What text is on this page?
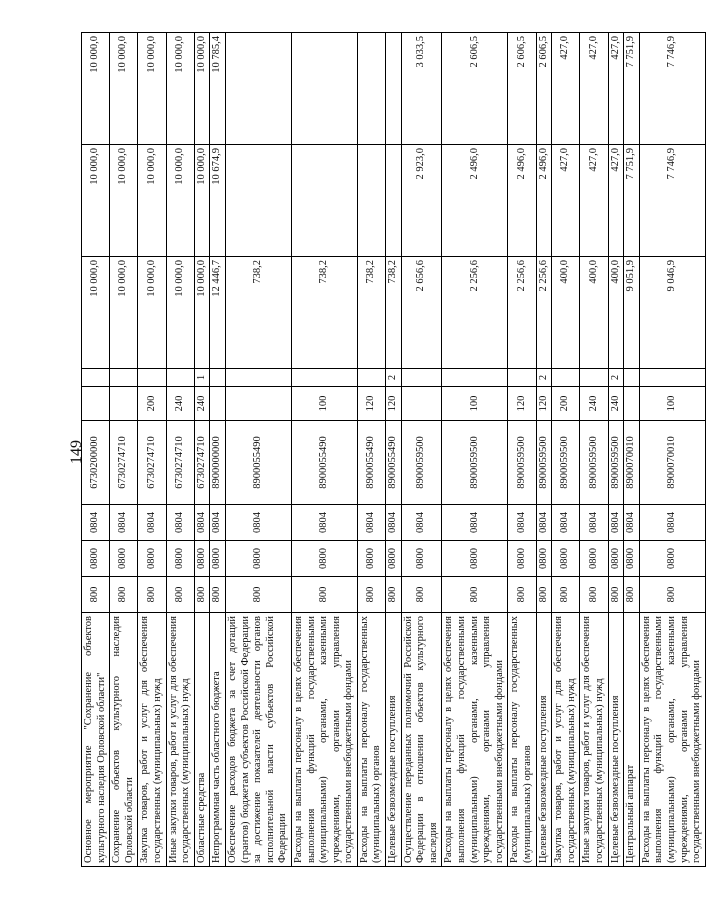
149
Основное мероприятие "Сохранение объектов культурного наследия Орловской области"	800	0800	0804	6730200000			10 000,0	10 000,0	10 000,0
Сохранение объектов культурного наследия Орловской области	800	0800	0804	6730274710			10 000,0	10 000,0	10 000,0
Закупка товаров, работ и услуг для обеспечения государственных (муниципальных) нужд	800	0800	0804	6730274710	200		10 000,0	10 000,0	10 000,0
Иные закупки товаров, работ и услуг для обеспечения государственных (муниципальных) нужд	800	0800	0804	6730274710	240		10 000,0	10 000,0	10 000,0
Областные средства	800	0800	0804	6730274710	240	1	10 000,0	10 000,0	10 000,0
Непрограммная часть областного бюджета	800	0800	0804	8900000000			12 446,7	10 674,9	10 785,4
Обеспечение расходов бюджета за счет дотаций (грантов) бюджетам субъектов Российской Федерации за достижение показателей деятельности органов исполнительной власти субъектов Российской Федерации	800	0800	0804	8900055490			738,2		
Расходы на выплаты персоналу в целях обеспечения выполнения функций государственными (муниципальными) органами, казенными учреждениями, органами управления государственными внебюджетными фондами	800	0800	0804	8900055490	100		738,2		
Расходы на выплаты персоналу государственных (муниципальных) органов	800	0800	0804	8900055490	120		738,2		
Целевые безвозмездные поступления	800	0800	0804	8900055490	120	2	738,2		
Осуществление переданных полномочий Российской Федерации в отношении объектов культурного наследия	800	0800	0804	8900059500			2 656,6	2 923,0	3 033,5
Расходы на выплаты персоналу в целях обеспечения выполнения функций государственными (муниципальными) органами, казенными учреждениями, органами управления государственными внебюджетными фондами	800	0800	0804	8900059500	100		2 256,6	2 496,0	2 606,5
Расходы на выплаты персоналу государственных (муниципальных) органов	800	0800	0804	8900059500	120		2 256,6	2 496,0	2 606,5
Целевые безвозмездные поступления	800	0800	0804	8900059500	120	2	2 256,6	2 496,0	2 606,5
Закупка товаров, работ и услуг для обеспечения государственных (муниципальных) нужд	800	0800	0804	8900059500	200		400,0	427,0	427,0
Иные закупки товаров, работ и услуг для обеспечения государственных (муниципальных) нужд	800	0800	0804	8900059500	240		400,0	427,0	427,0
Целевые безвозмездные поступления	800	0800	0804	8900059500	240	2	400,0	427,0	427,0
Центральный аппарат	800	0800	0804	8900070010			9 051,9	7 751,9	7 751,9
Расходы на выплаты персоналу в целях обеспечения выполнения функций государственными (муниципальными) органами, казенными учреждениями, органами управления государственными внебюджетными фондами	800	0800	0804	8900070010	100		9 046,9	7 746,9	7 746,9
